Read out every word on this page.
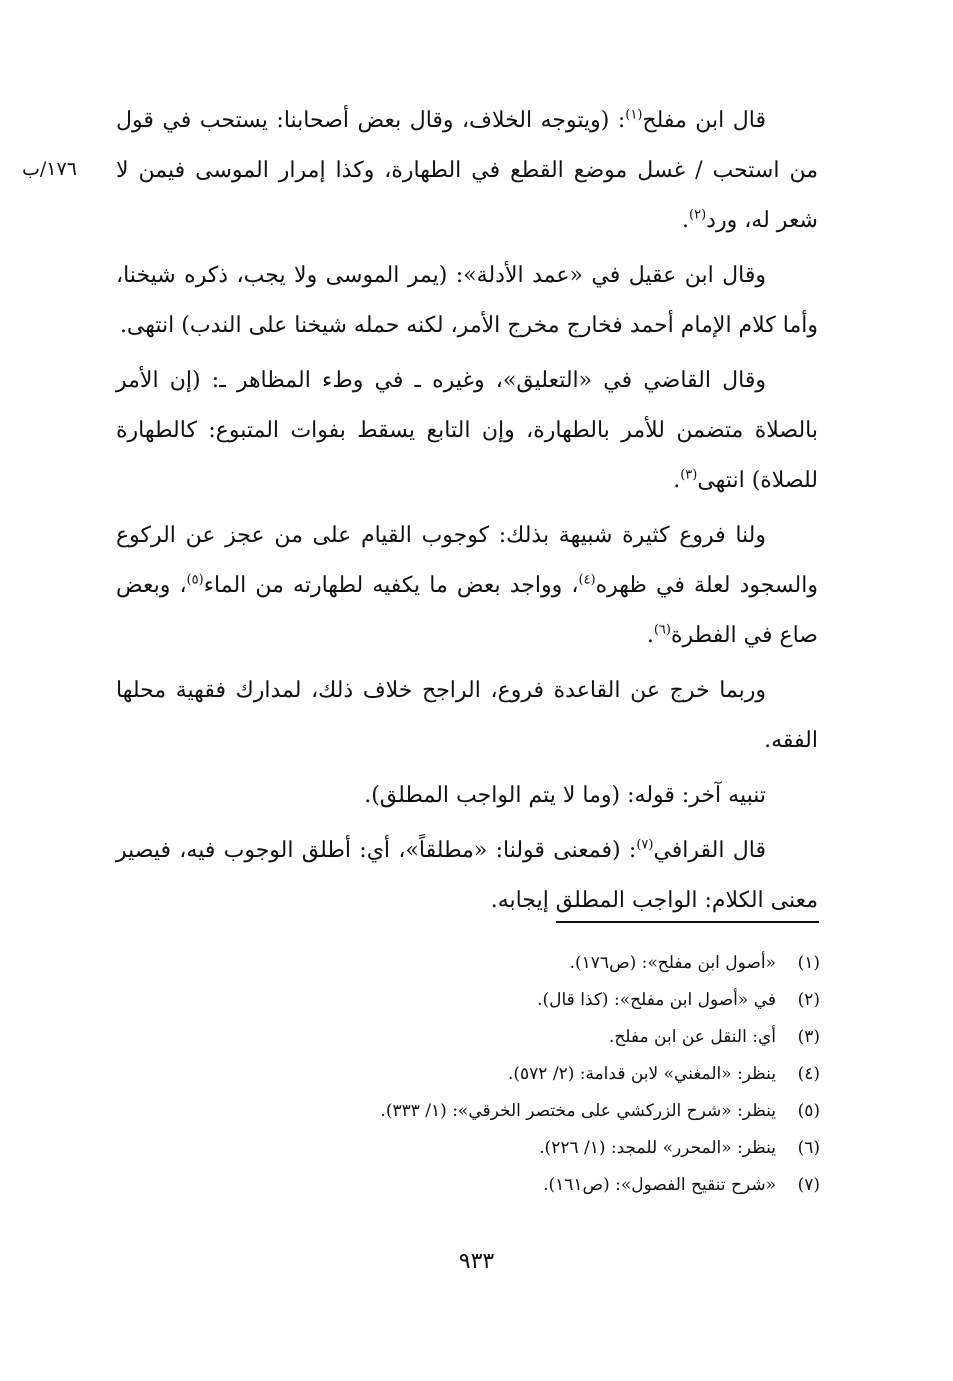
١٧٦/ب

قال ابن مفلح$^{(١)}$: (ويتوجه الخلاف، وقال بعض أصحابنا: يستحب في قول من استحب / غسل موضع القطع في الطهارة، وكذا إمرار الموسى فيمن لا شعر له، ورد$^{(٢)}$.

وقال ابن عقيل في «عمد الأدلة»: (يمر الموسى ولا يجب، ذكره شيخنا، وأما كلام الإمام أحمد فخارج مخرج الأمر، لكنه حمله شيخنا على الندب) انتهى.

وقال القاضي في «التعليق»، وغيره ـ في وطء المظاهر ـ: (إن الأمر بالصلاة متضمن للأمر بالطهارة، وإن التابع يسقط بفوات المتبوع: كالطهارة للصلاة) انتهى$^{(٣)}$.

ولنا فروع كثيرة شبيهة بذلك: كوجوب القيام على من عجز عن الركوع والسجود لعلة في ظهره$^{(٤)}$، وواجد بعض ما يكفيه لطهارته من الماء$^{(٥)}$، وبعض صاع في الفطرة$^{(٦)}$.

وربما خرج عن القاعدة فروع، الراجح خلاف ذلك، لمدارك فقهية محلها الفقه.

تنبيه آخر: قوله: (وما لا يتم الواجب المطلق).

قال القرافي$^{(٧)}$: (فمعنى قولنا: «مطلقاً»، أي: أطلق الوجوب فيه، فيصير معنى الكلام: الواجب المطلق إيجابه.

(١)
«أصول ابن مفلح»: (ص١٧٦).
(٢)
في «أصول ابن مفلح»: (كذا قال).
(٣)
أي: النقل عن ابن مفلح.
(٤)
ينظر: «المغني» لابن قدامة: (٢/ ٥٧٢).
(٥)
ينظر: «شرح الزركشي على مختصر الخرقي»: (١/ ٣٣٣).
(٦)
ينظر: «المحرر» للمجد: (١/ ٢٢٦).
(٧)
«شرح تنقيح الفصول»: (ص١٦١).
٩٣٣
